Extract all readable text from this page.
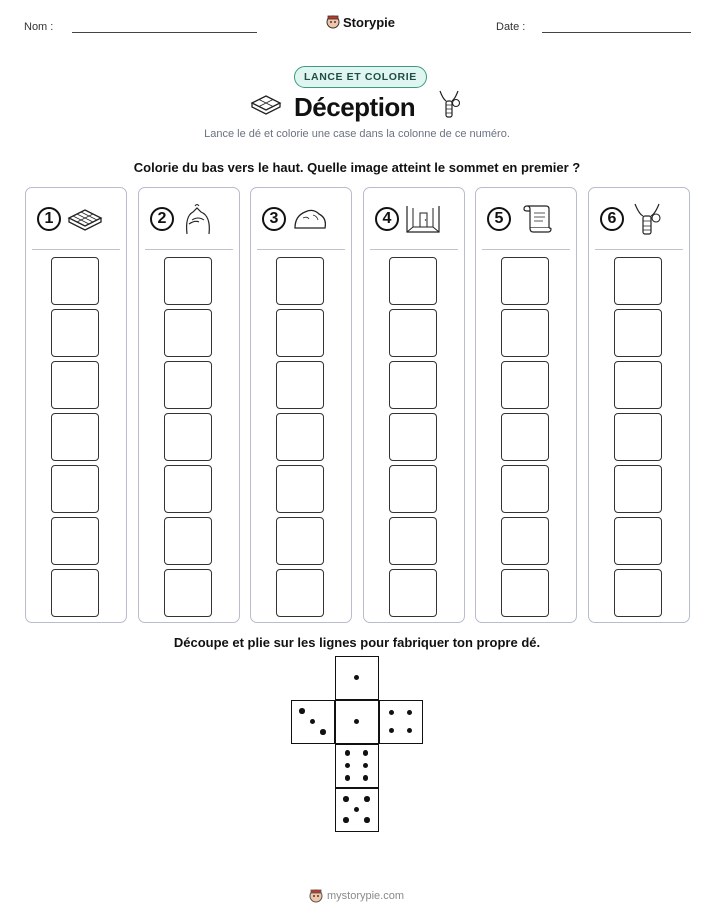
Nom :	Storypie	Date :
LANCE ET COLORIE
Déception
Lance le dé et colorie une case dans la colonne de ce numéro.
Colorie du bas vers le haut. Quelle image atteint le sommet en premier ?
1	2	3	4	5	6
Découpe et plie sur les lignes pour fabriquer ton propre dé.
mystorypie.com
